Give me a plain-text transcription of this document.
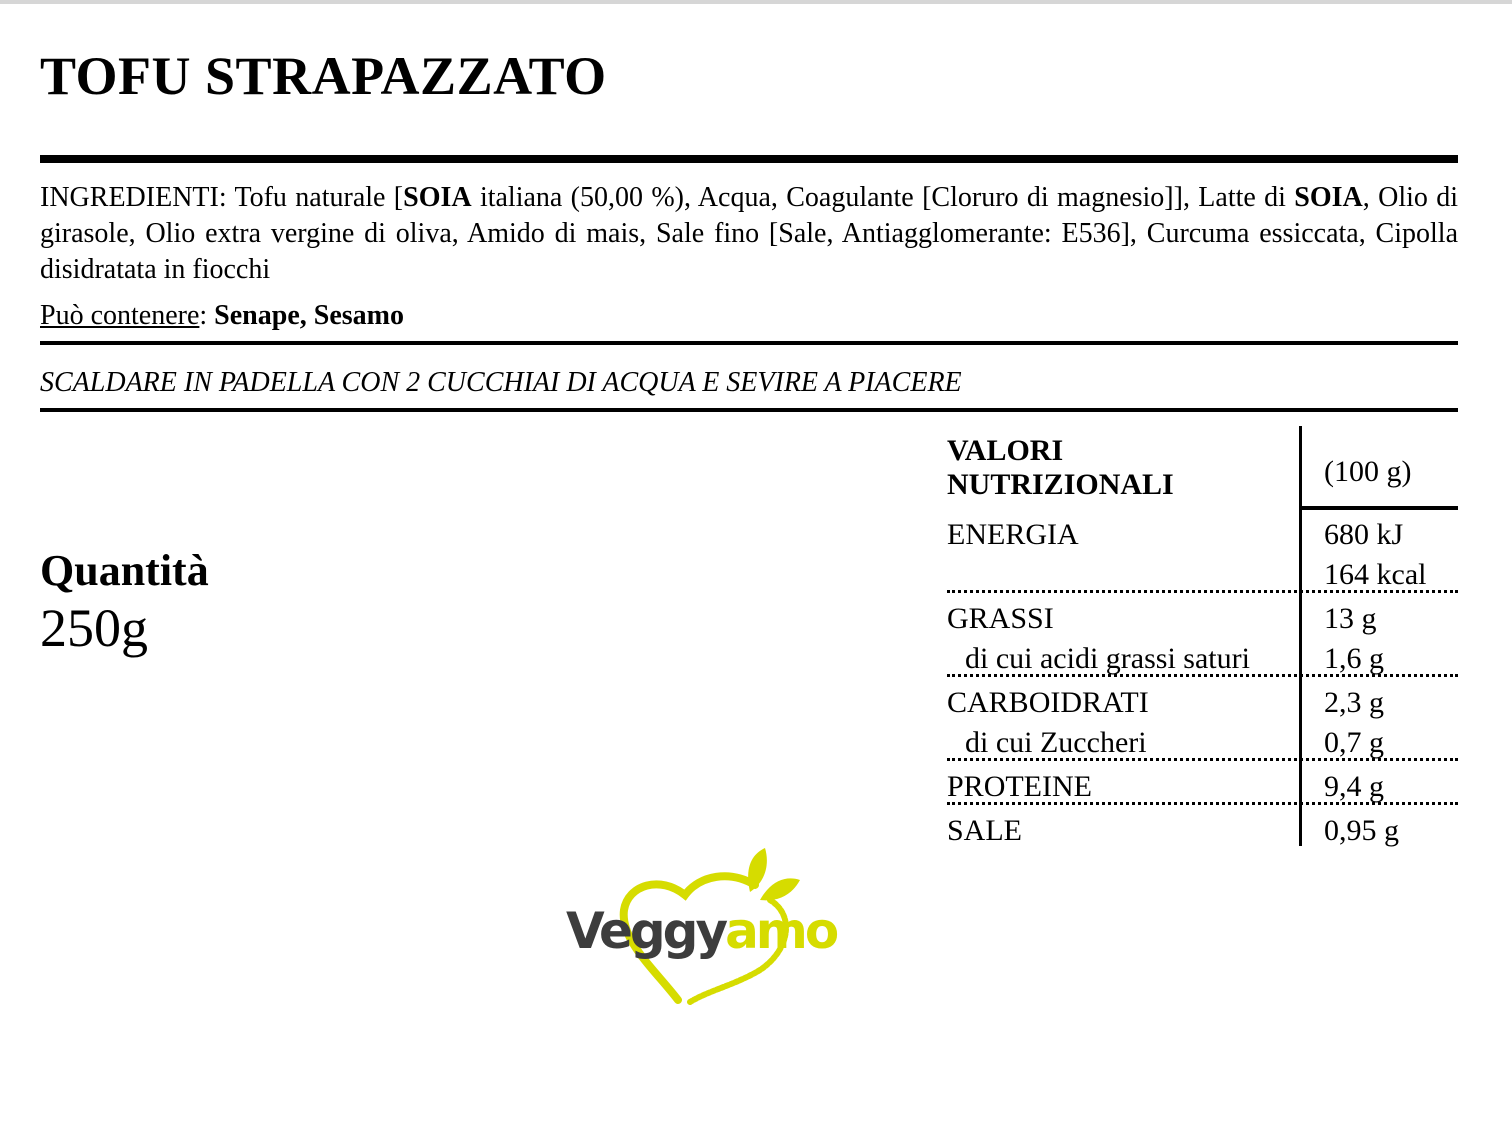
TOFU STRAPAZZATO

INGREDIENTI: Tofu naturale [SOIA italiana (50,00 %), Acqua, Coagulante [Cloruro di magnesio]], Latte di SOIA, Olio di girasole, Olio extra vergine di oliva, Amido di mais, Sale fino [Sale, Antiagglomerante: E536], Curcuma essiccata, Cipolla disidratata in fiocchi

Può contenere: Senape, Sesamo

SCALDARE IN PADELLA CON 2 CUCCHIAI DI ACQUA E SEVIRE A PIACERE

Quantità
250g
VALORI
NUTRIZIONALI	(100 g)
ENERGIA	680 kJ
164 kcal
GRASSI	13 g
di cui acidi grassi saturi 1,6 g
CARBOIDRATI	2,3 g
di cui Zuccheri	0,7 g
PROTEINE	9,4 g
SALE	0,95 g
Veggyamo
